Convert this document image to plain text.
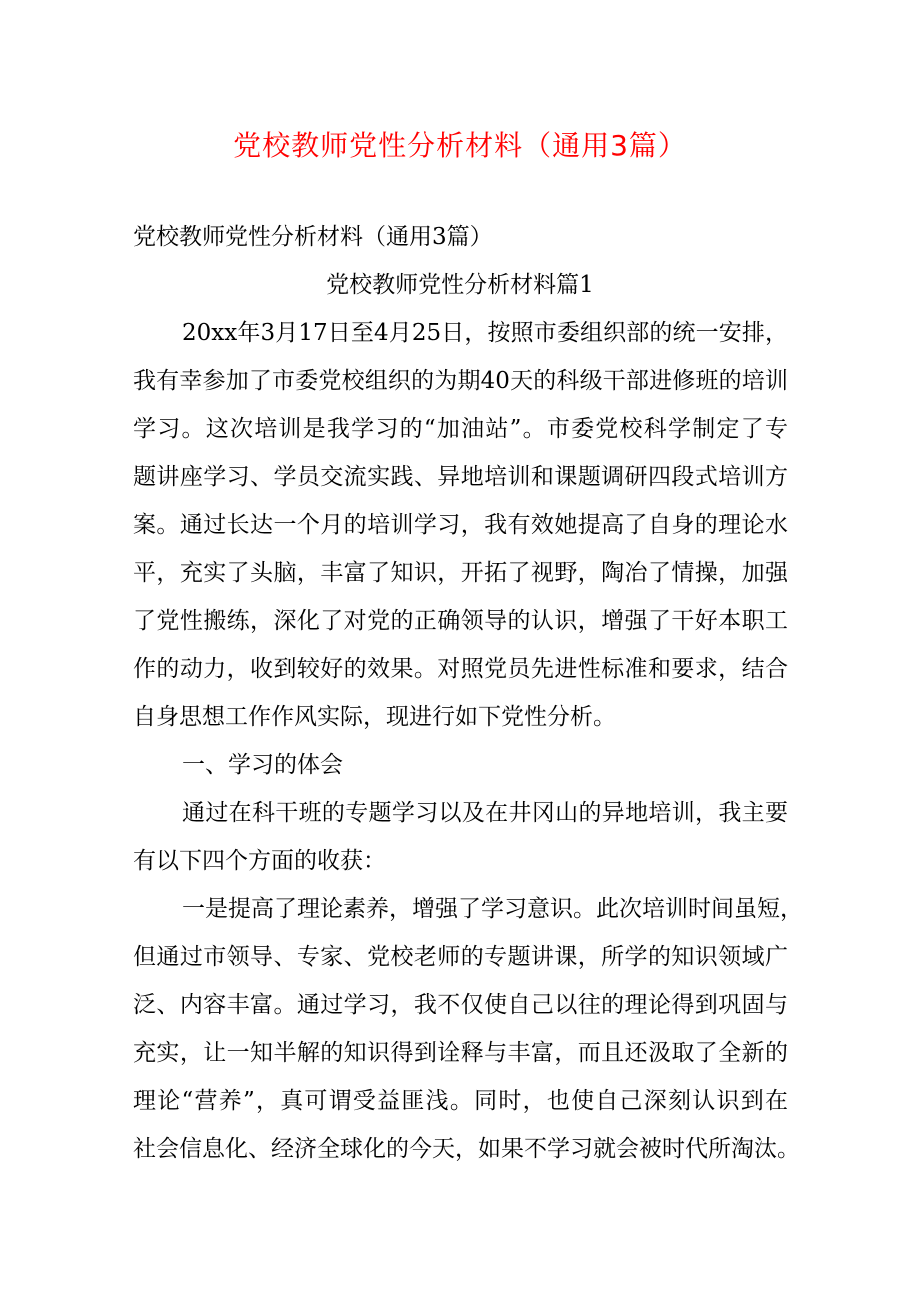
党校教师党性分析材料（通用3篇）
党校教师党性分析材料（通用3篇）
党校教师党性分析材料篇1
20xx年3月17日至4月25日，按照市委组织部的统一安排，
我有幸参加了市委党校组织的为期40天的科级干部进修班的培训
学习。这次培训是我学习的“加油站”。市委党校科学制定了专
题讲座学习、学员交流实践、异地培训和课题调研四段式培训方
案。通过长达一个月的培训学习，我有效她提高了自身的理论水
平，充实了头脑，丰富了知识，开拓了视野，陶冶了情操，加强
了党性搬练，深化了对党的正确领导的认识，增强了干好本职工
作的动力，收到较好的效果。对照党员先进性标准和要求，结合
自身思想工作作风实际，现进行如下党性分析。
一、学习的体会
通过在科干班的专题学习以及在井冈山的异地培训，我主要
有以下四个方面的收获：
一是提高了理论素养，增强了学习意识。此次培训时间虽短，
但通过市领导、专家、党校老师的专题讲课，所学的知识领域广
泛、内容丰富。通过学习，我不仅使自己以往的理论得到巩固与
充实，让一知半解的知识得到诠释与丰富，而且还汲取了全新的
理论“营养”，真可谓受益匪浅。同时，也使自己深刻认识到在
社会信息化、经济全球化的今天，如果不学习就会被时代所淘汰。
